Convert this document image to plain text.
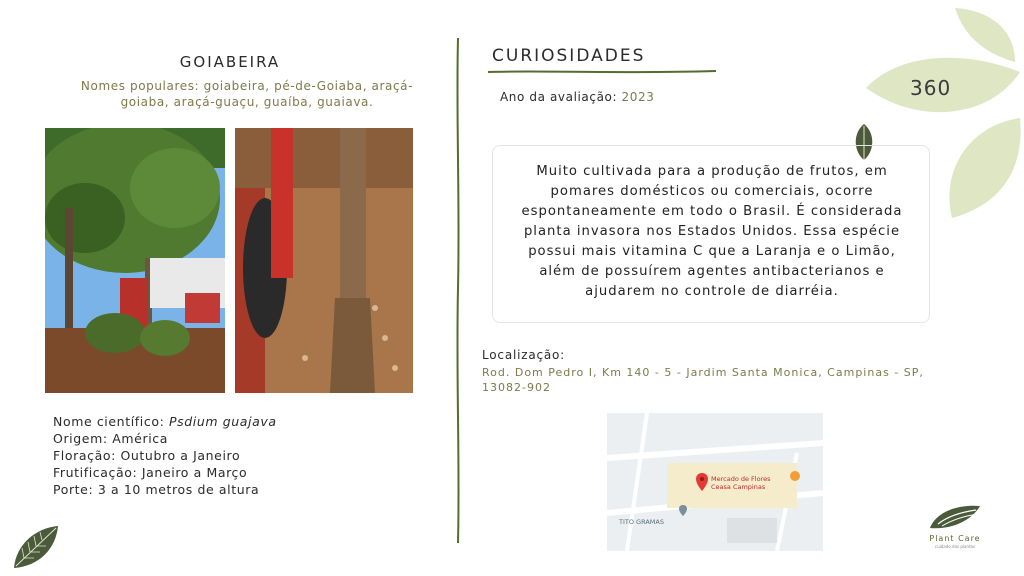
360
GOIABEIRA
Nomes populares: goiabeira, pé-de-Goiaba, araçá-goiaba, araçá-guaçu, guaíba, guaiava.
Nome científico: Psdium guajava
Origem: América
Floração: Outubro a Janeiro
Frutificação: Janeiro a Março
Porte: 3 a 10 metros de altura
CURIOSIDADES
Ano da avaliação: 2023
Muito cultivada para a produção de frutos, em pomares domésticos ou comerciais, ocorre espontaneamente em todo o Brasil. É considerada planta invasora nos Estados Unidos. Essa espécie possui mais vitamina C que a Laranja e o Limão, além de possuírem agentes antibacterianos e ajudarem no controle de diarréia.
Localização:
Rod. Dom Pedro I, Km 140 - 5 - Jardim Santa Monica, Campinas - SP, 13082-902
Mercado de Flores Ceasa Campinas
TITO GRAMAS
Plant Care
cuidado das plantas
